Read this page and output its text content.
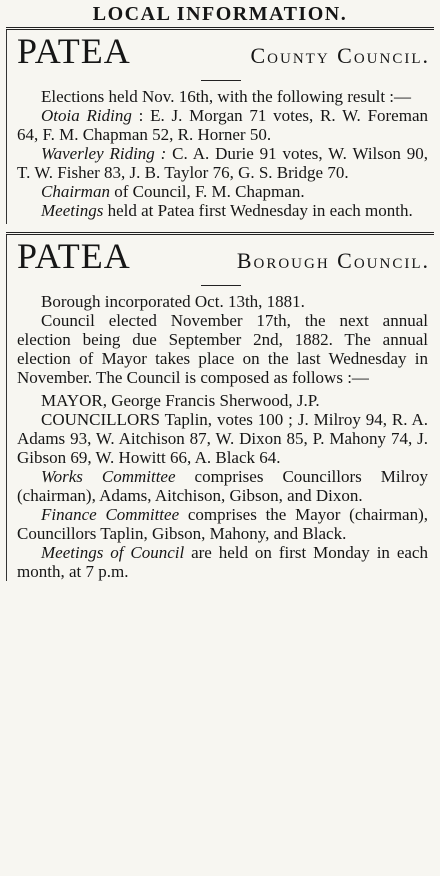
LOCAL INFORMATION.
PATEA	County Council.

Elections held Nov. 16th, with the following result :—

Otoia Riding : E. J. Morgan 71 votes, R. W. Foreman 64, F. M. Chapman 52, R. Horner 50.

Waverley Riding : C. A. Durie 91 votes, W. Wilson 90, T. W. Fisher 83, J. B. Taylor 76, G. S. Bridge 70.

Chairman of Council, F. M. Chapman.

Meetings held at Patea first Wednesday in each month.

PATEA	Borough Council.

Borough incorporated Oct. 13th, 1881.

Council elected November 17th, the next annual election being due September 2nd, 1882. The annual election of Mayor takes place on the last Wednesday in November. The Council is composed as follows :—

MAYOR, George Francis Sherwood, J.P.

COUNCILLORS Taplin, votes 100 ; J. Milroy 94, R. A. Adams 93, W. Aitchison 87, W. Dixon 85, P. Mahony 74, J. Gibson 69, W. Howitt 66, A. Black 64.

Works Committee comprises Councillors Milroy (chairman), Adams, Aitchison, Gibson, and Dixon.

Finance Committee comprises the Mayor (chairman), Councillors Taplin, Gibson, Mahony, and Black.

Meetings of Council are held on first Monday in each month, at 7 p.m.
